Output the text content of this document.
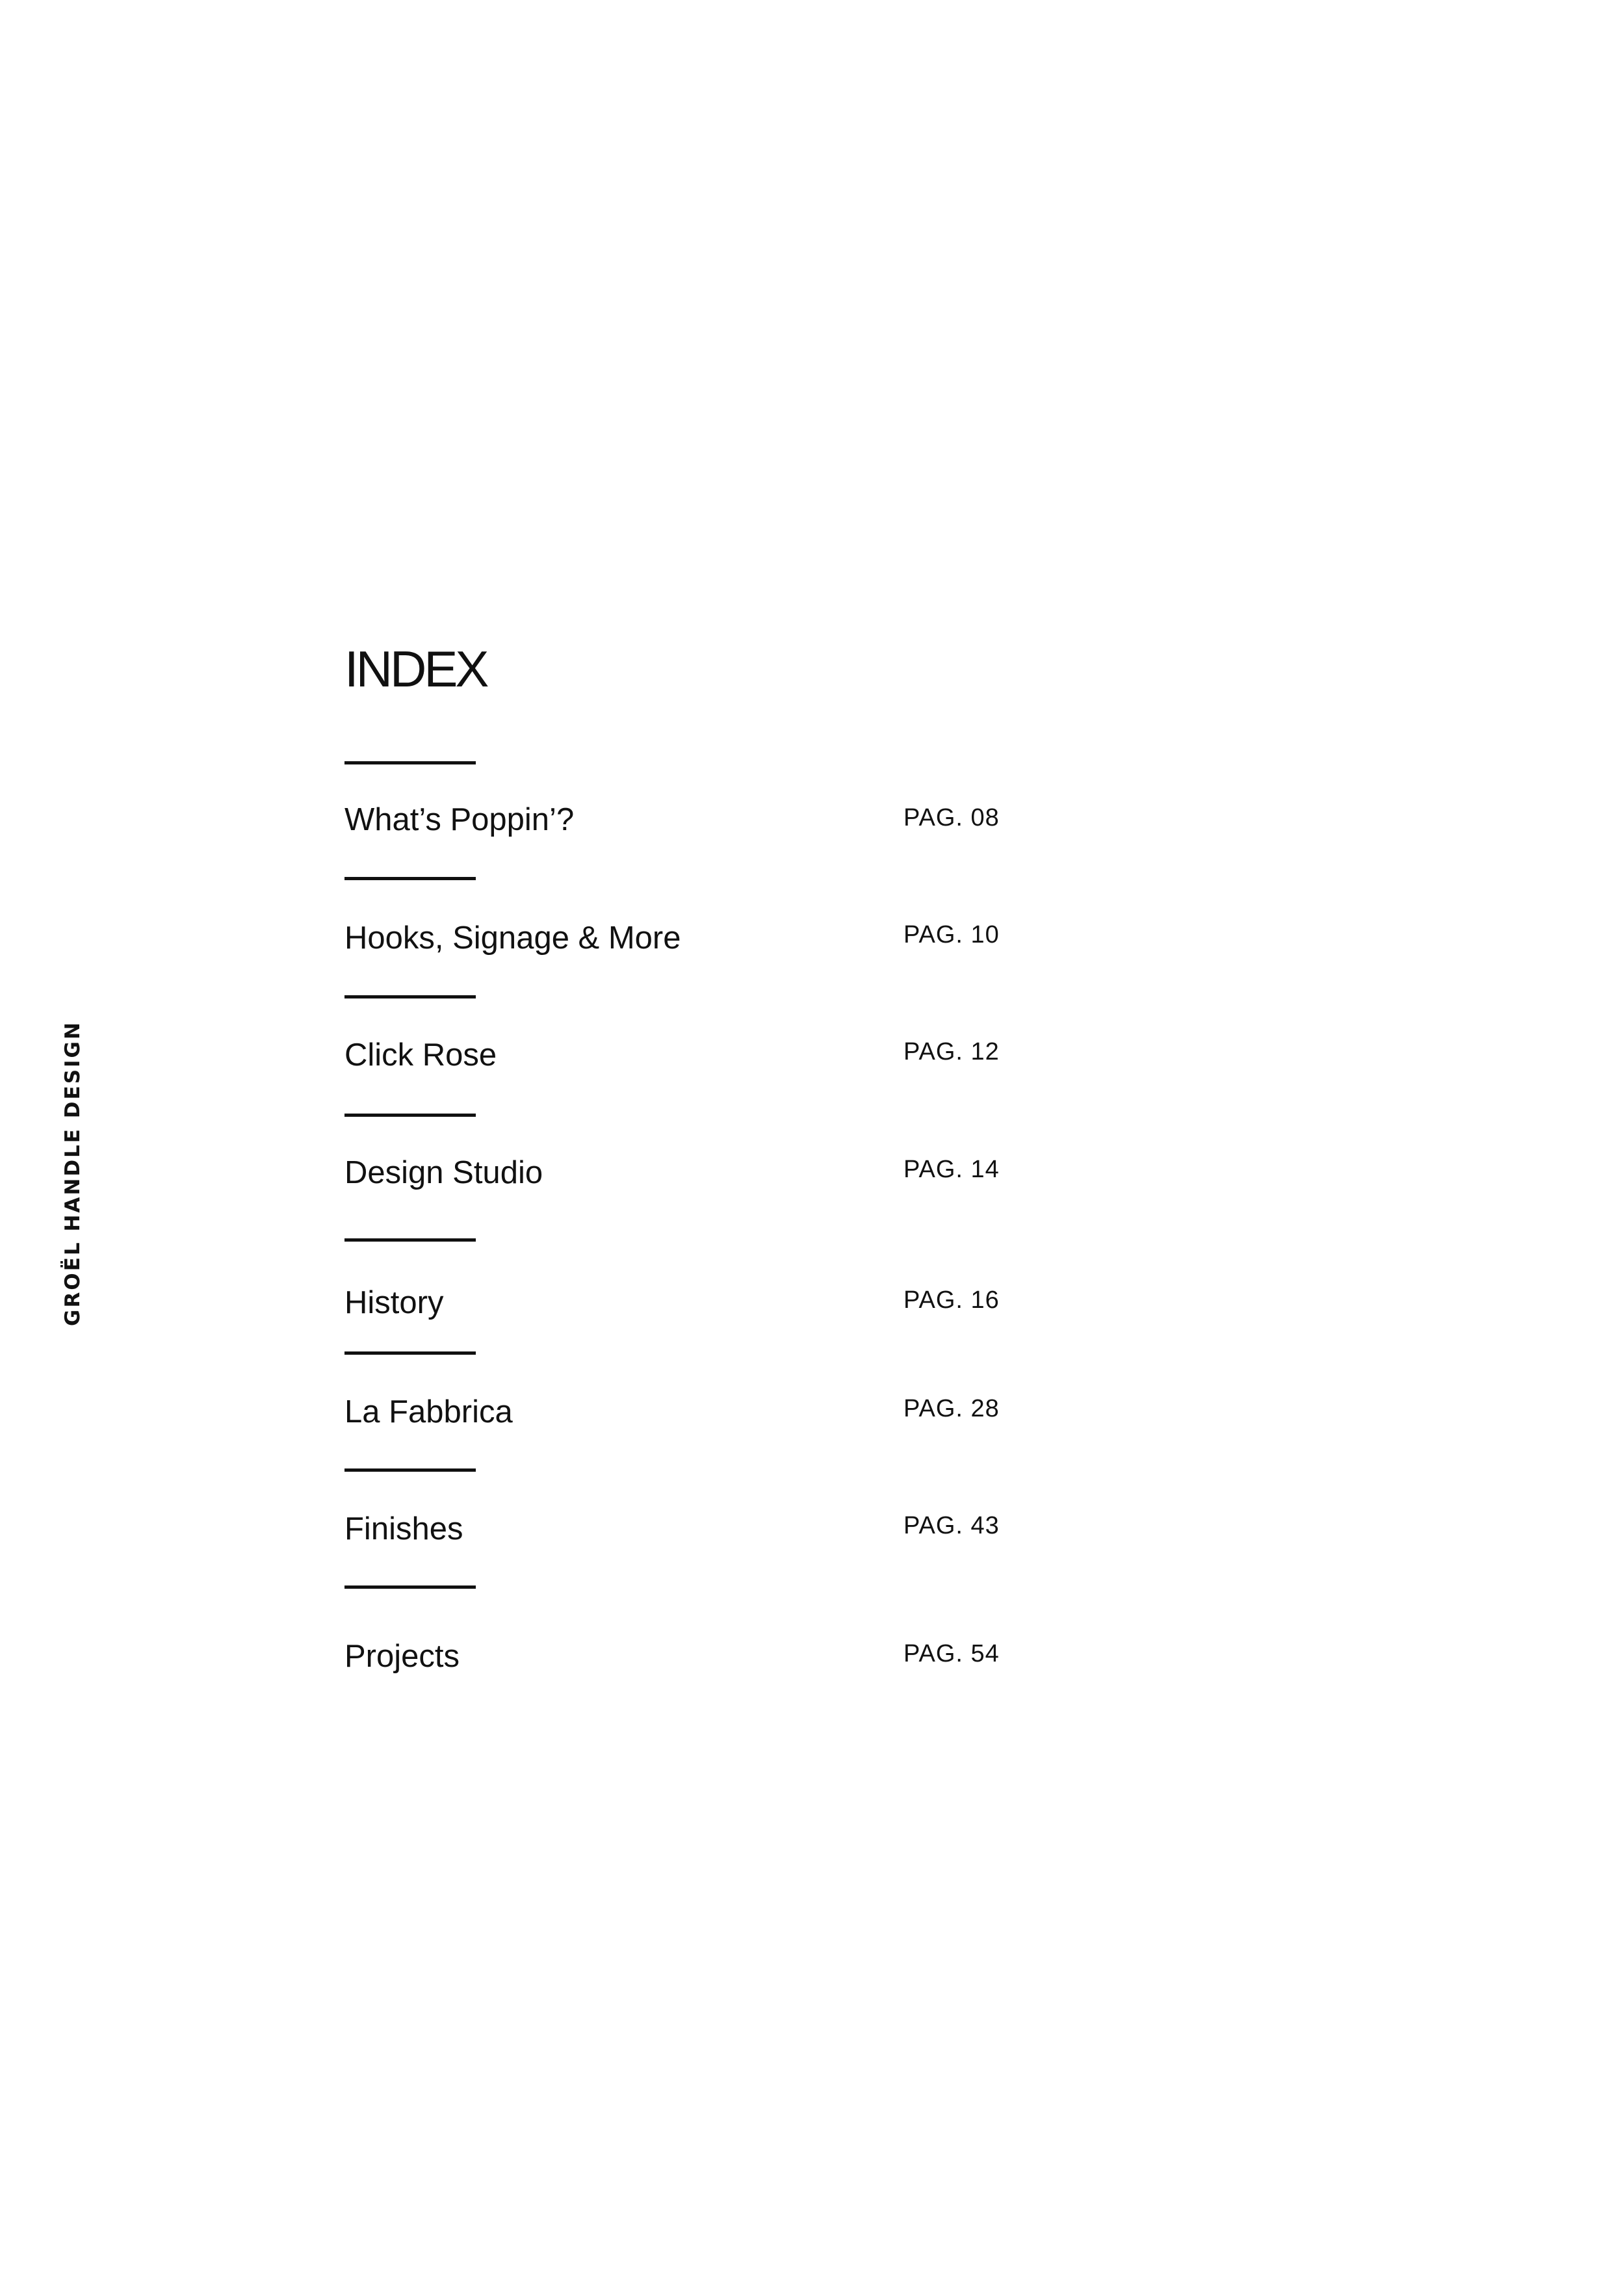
GROËL HANDLE DESIGN
INDEX
What’s Poppin’?	PAG. 08
Hooks, Signage & More	PAG. 10
Click Rose	PAG. 12
Design Studio	PAG. 14
History	PAG. 16
La Fabbrica	PAG. 28
Finishes	PAG. 43
Projects	PAG. 54
